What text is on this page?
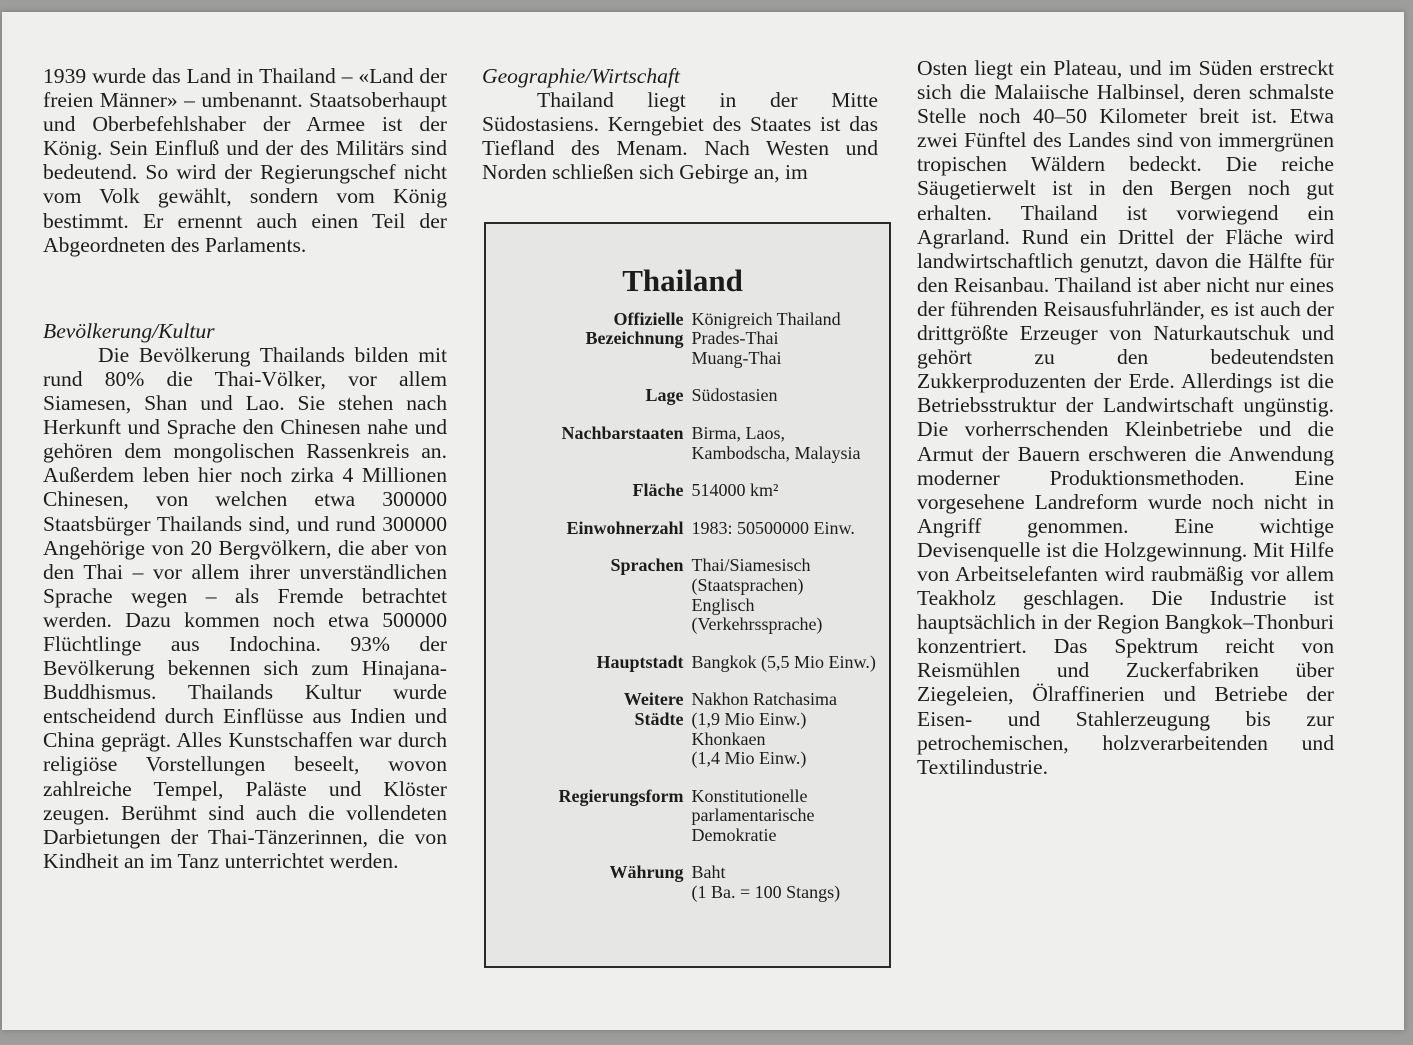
1939 wurde das Land in Thailand – «Land der freien Männer» – umbenannt. Staatsoberhaupt und Oberbefehlshaber der Armee ist der König. Sein Einfluß und der des Militärs sind bedeutend. So wird der Regierungschef nicht vom Volk gewählt, sondern vom König bestimmt. Er ernennt auch einen Teil der Abgeordneten des Parlaments.

Bevölkerung/Kultur

Die Bevölkerung Thailands bilden mit rund 80% die Thai-Völker, vor allem Siamesen, Shan und Lao. Sie stehen nach Herkunft und Sprache den Chinesen nahe und gehören dem mongolischen Rassenkreis an. Außerdem leben hier noch zirka 4 Millionen Chinesen, von welchen etwa 300000 Staatsbürger Thailands sind, und rund 300000 Angehörige von 20 Bergvölkern, die aber von den Thai – vor allem ihrer unverständlichen Sprache wegen – als Fremde betrachtet werden. Dazu kommen noch etwa 500000 Flüchtlinge aus Indochina. 93% der Bevölkerung bekennen sich zum Hinajana-Buddhismus. Thailands Kultur wurde entscheidend durch Einflüsse aus Indien und China geprägt. Alles Kunstschaffen war durch religiöse Vorstellungen beseelt, wovon zahlreiche Tempel, Paläste und Klöster zeugen. Berühmt sind auch die vollendeten Darbietungen der Thai-Tänzerinnen, die von Kindheit an im Tanz unterrichtet werden.

Geographie/Wirtschaft

Thailand liegt in der Mitte Südostasiens. Kerngebiet des Staates ist das Tiefland des Menam. Nach Westen und Norden schließen sich Gebirge an, im

Thailand
Offizielle
Bezeichnung
Königreich Thailand
Prades-Thai
Muang-Thai
Lage Südostasien
Nachbarstaaten Birma, Laos,
Kambodscha, Malaysia
Fläche 514000 km²
Einwohnerzahl 1983: 50500000 Einw.
Sprachen Thai/Siamesisch
(Staatsprachen)
Englisch
(Verkehrssprache)
Hauptstadt Bangkok (5,5 Mio Einw.)
Weitere
Städte
Nakhon Ratchasima
(1,9 Mio Einw.)
Khonkaen
(1,4 Mio Einw.)
Regierungsform Konstitutionelle
parlamentarische
Demokratie
Währung Baht
(1 Ba. = 100 Stangs)

Osten liegt ein Plateau, und im Süden erstreckt sich die Malaiische Halbinsel, deren schmalste Stelle noch 40–50 Kilometer breit ist. Etwa zwei Fünftel des Landes sind von immergrünen tropischen Wäldern bedeckt. Die reiche Säugetierwelt ist in den Bergen noch gut erhalten. Thailand ist vorwiegend ein Agrarland. Rund ein Drittel der Fläche wird landwirtschaftlich genutzt, davon die Hälfte für den Reisanbau. Thailand ist aber nicht nur eines der führenden Reisausfuhrländer, es ist auch der drittgrößte Erzeuger von Naturkautschuk und gehört zu den bedeutendsten Zukkerproduzenten der Erde. Allerdings ist die Betriebsstruktur der Landwirtschaft ungünstig. Die vorherrschenden Kleinbetriebe und die Armut der Bauern erschweren die Anwendung moderner Produktionsmethoden. Eine vorgesehene Landreform wurde noch nicht in Angriff genommen. Eine wichtige Devisenquelle ist die Holzgewinnung. Mit Hilfe von Arbeitselefanten wird raubmäßig vor allem Teakholz geschlagen. Die Industrie ist hauptsächlich in der Region Bangkok–Thonburi konzentriert. Das Spektrum reicht von Reismühlen und Zuckerfabriken über Ziegeleien, Ölraffinerien und Betriebe der Eisen- und Stahlerzeugung bis zur petrochemischen, holzverarbeitenden und Textilindustrie.
